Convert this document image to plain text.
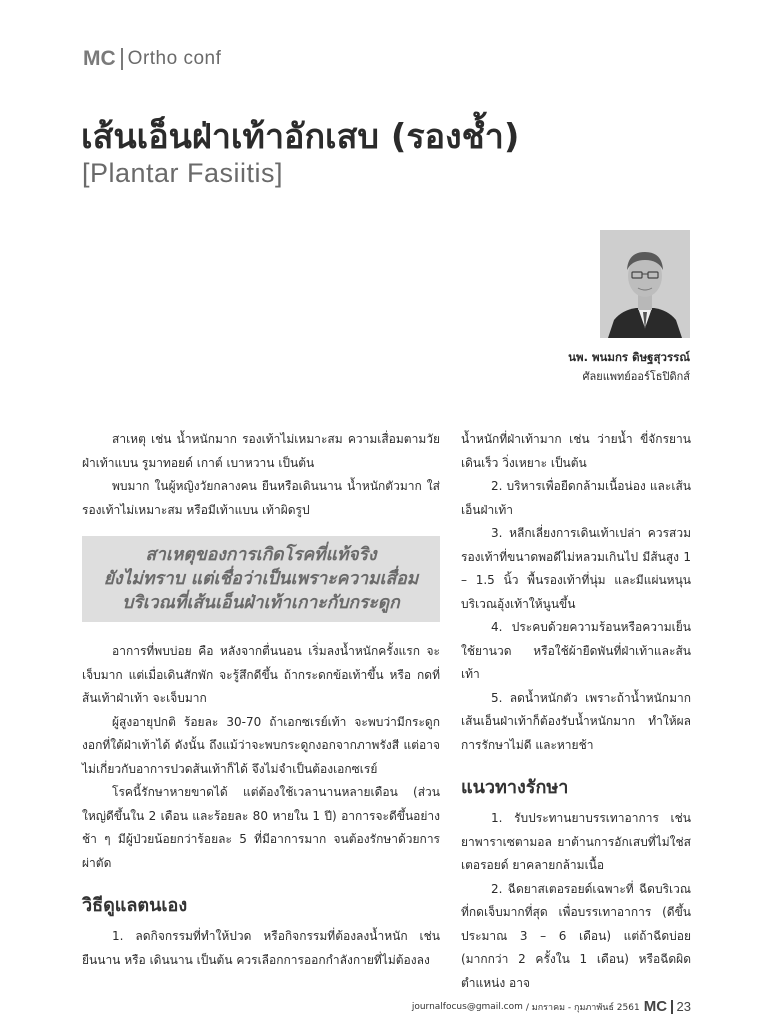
MC Ortho conf
เส้นเอ็นฝ่าเท้าอักเสบ (รองช้ำ)
[Plantar Fasiitis]
นพ. พนมกร ดิษฐสุวรรณ์
ศัลยแพทย์ออร์โธปิดิกส์

สาเหตุ เช่น น้ำหนักมาก รองเท้าไม่เหมาะสม ความเสื่อมตามวัย ฝ่าเท้าแบน รูมาทอยด์ เกาต์ เบาหวาน เป็นต้น

พบมาก ในผู้หญิงวัยกลางคน ยืนหรือเดินนาน น้ำหนักตัวมาก ใส่รองเท้าไม่เหมาะสม หรือมีเท้าแบน เท้าผิดรูป

สาเหตุของการเกิดโรคที่แท้จริง
ยังไม่ทราบ แต่เชื่อว่าเป็นเพราะความเสื่อม
บริเวณที่เส้นเอ็นฝ่าเท้าเกาะกับกระดูก

อาการที่พบบ่อย คือ หลังจากตื่นนอน เริ่มลงน้ำหนักครั้งแรก จะเจ็บมาก แต่เมื่อเดินสักพัก จะรู้สึกดีขึ้น ถ้ากระดกข้อเท้าขึ้น หรือ กดที่ส้นเท้าฝ่าเท้า จะเจ็บมาก

ผู้สูงอายุปกติ ร้อยละ 30-70 ถ้าเอกซเรย์เท้า จะพบว่ามีกระดูกงอกที่ใต้ฝ่าเท้าได้ ดังนั้น ถึงแม้ว่าจะพบกระดูกงอกจากภาพรังสี แต่อาจไม่เกี่ยวกับอาการปวดส้นเท้าก็ได้ จึงไม่จำเป็นต้องเอกซเรย์

โรคนี้รักษาหายขาดได้ แต่ต้องใช้เวลานานหลายเดือน (ส่วนใหญ่ดีขึ้นใน 2 เดือน และร้อยละ 80 หายใน 1 ปี) อาการจะดีขึ้นอย่างช้า ๆ มีผู้ป่วยน้อยกว่าร้อยละ 5 ที่มีอาการมาก จนต้องรักษาด้วยการผ่าตัด

วิธีดูแลตนเอง

1. ลดกิจกรรมที่ทำให้ปวด หรือกิจกรรมที่ต้องลงน้ำหนัก เช่น ยืนนาน หรือ เดินนาน เป็นต้น ควรเลือกการออกกำลังกายที่ไม่ต้องลง

น้ำหนักที่ฝ่าเท้ามาก เช่น ว่ายน้ำ ขี่จักรยาน เดินเร็ว วิ่งเหยาะ เป็นต้น

2. บริหารเพื่อยืดกล้ามเนื้อน่อง และเส้นเอ็นฝ่าเท้า

3. หลีกเลี่ยงการเดินเท้าเปล่า ควรสวมรองเท้าที่ขนาดพอดีไม่หลวมเกินไป มีส้นสูง 1 – 1.5 นิ้ว พื้นรองเท้าที่นุ่ม และมีแผ่นหนุนบริเวณอุ้งเท้าให้นูนขึ้น

4. ประคบด้วยความร้อนหรือความเย็นใช้ยานวด หรือใช้ผ้ายืดพันที่ฝ่าเท้าและส้นเท้า

5. ลดน้ำหนักตัว เพราะถ้าน้ำหนักมากเส้นเอ็นฝ่าเท้าก็ต้องรับน้ำหนักมาก ทำให้ผลการรักษาไม่ดี และหายช้า

แนวทางรักษา

1. รับประทานยาบรรเทาอาการ เช่น ยาพาราเซตามอล ยาต้านการอักเสบที่ไม่ใช่สเตอรอยด์ ยาคลายกล้ามเนื้อ

2. ฉีดยาสเตอรอยด์เฉพาะที่ ฉีดบริเวณที่กดเจ็บมากที่สุด เพื่อบรรเทาอาการ (ดีขึ้นประมาณ 3 – 6 เดือน) แต่ถ้าฉีดบ่อย (มากกว่า 2 ครั้งใน 1 เดือน) หรือฉีดผิดตำแหน่ง อาจ

journalfocus@gmail.com / มกราคม - กุมภาพันธ์ 2561 MC 23
